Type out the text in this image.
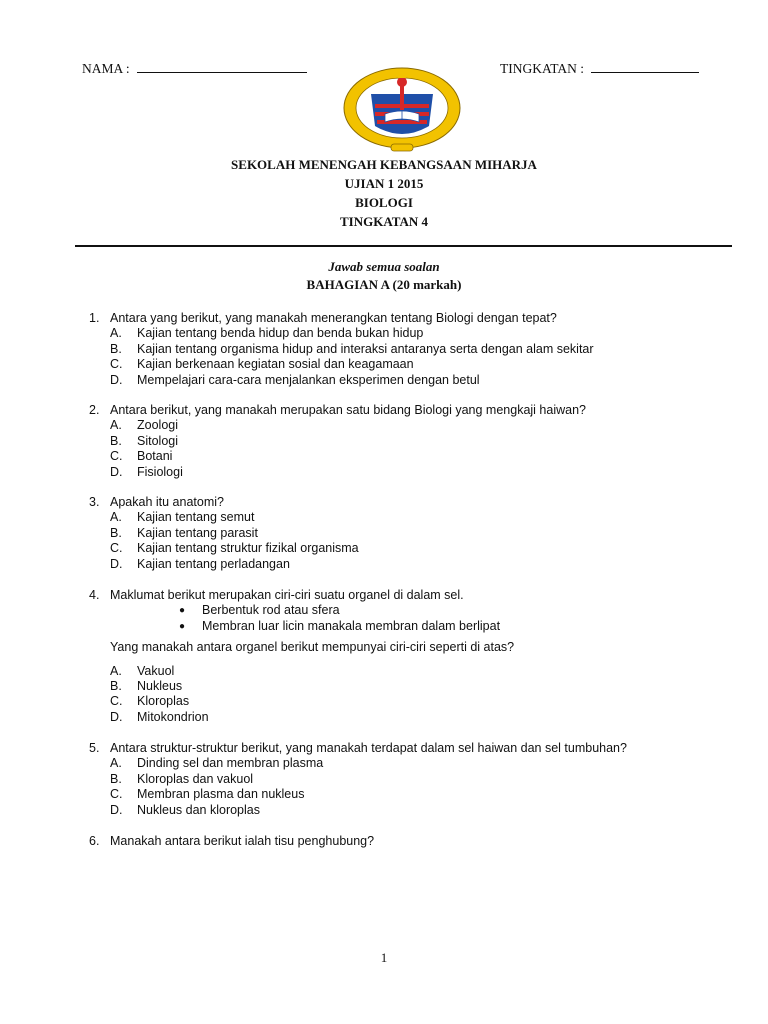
NAMA :	TINGKATAN :
SEKOLAH MENENGAH KEBANGSAAN MIHARJA
UJIAN 1 2015
BIOLOGI
TINGKATAN 4
Jawab semua soalan
BAHAGIAN A (20 markah)
1. Antara yang berikut, yang manakah menerangkan tentang Biologi dengan tepat?
A. Kajian tentang benda hidup dan benda bukan hidup
B. Kajian tentang organisma hidup and interaksi antaranya serta dengan alam sekitar
C. Kajian berkenaan kegiatan sosial dan keagamaan
D. Mempelajari cara-cara menjalankan eksperimen dengan betul
2. Antara berikut, yang manakah merupakan satu bidang Biologi yang mengkaji haiwan?
A. Zoologi
B. Sitologi
C. Botani
D. Fisiologi
3. Apakah itu anatomi?
A. Kajian tentang semut
B. Kajian tentang parasit
C. Kajian tentang struktur fizikal organisma
D. Kajian tentang perladangan
4. Maklumat berikut merupakan ciri-ciri suatu organel di dalam sel.
● Berbentuk rod atau sfera
● Membran luar licin manakala membran dalam berlipat
Yang manakah antara organel berikut mempunyai ciri-ciri seperti di atas?
A. Vakuol
B. Nukleus
C. Kloroplas
D. Mitokondrion
5. Antara struktur-struktur berikut, yang manakah terdapat dalam sel haiwan dan sel tumbuhan?
A. Dinding sel dan membran plasma
B. Kloroplas dan vakuol
C. Membran plasma dan nukleus
D. Nukleus dan kloroplas
6. Manakah antara berikut ialah tisu penghubung?
1
